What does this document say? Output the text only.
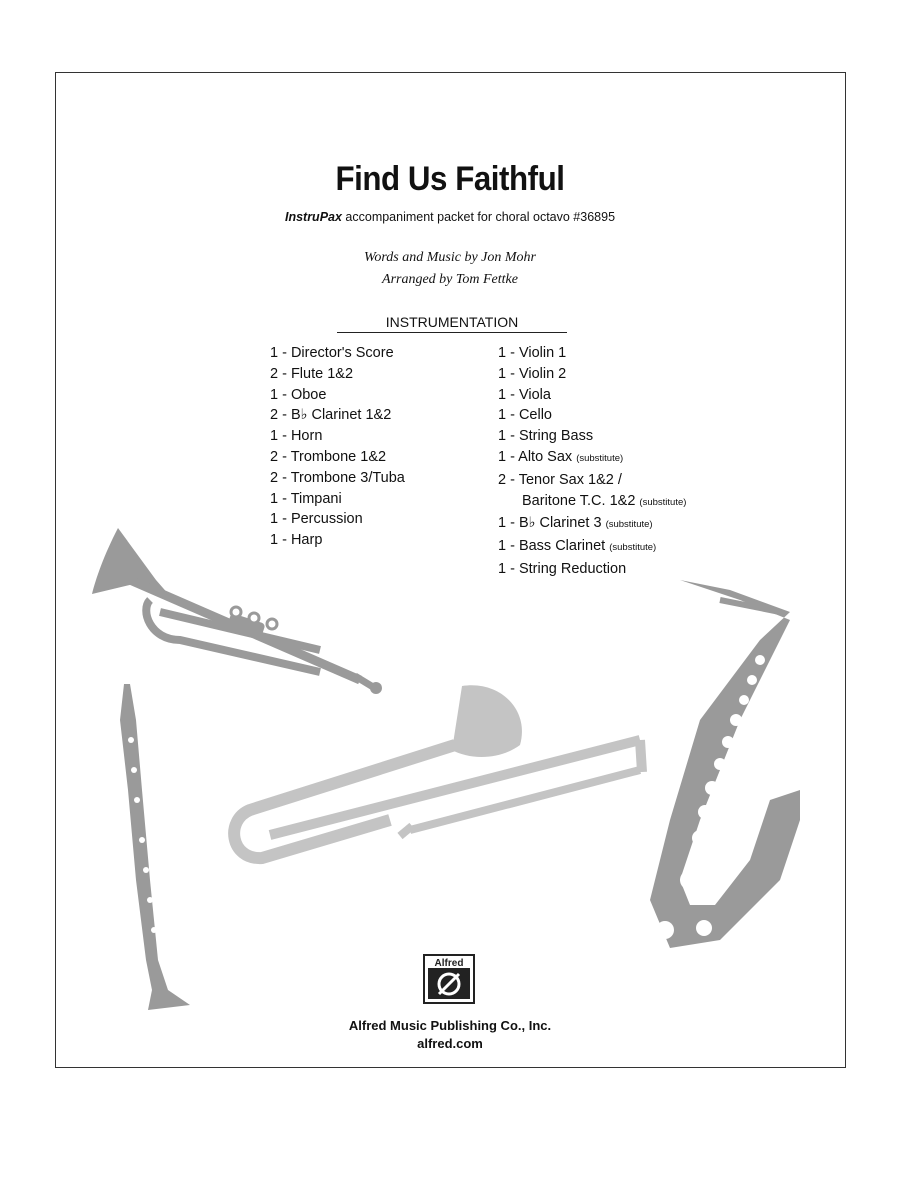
Find Us Faithful
InstruPax accompaniment packet for choral octavo #36895
Words and Music by Jon Mohr
Arranged by Tom Fettke
INSTRUMENTATION
1 - Director's Score
2 - Flute 1&2
1 - Oboe
2 - B♭ Clarinet 1&2
1 - Horn
2 - Trombone 1&2
2 - Trombone 3/Tuba
1 - Timpani
1 - Percussion
1 - Harp
1 - Violin 1
1 - Violin 2
1 - Viola
1 - Cello
1 - String Bass
1 - Alto Sax (substitute)
2 - Tenor Sax 1&2 /
Baritone T.C. 1&2 (substitute)
1 - B♭ Clarinet 3 (substitute)
1 - Bass Clarinet (substitute)
1 - String Reduction
Alfred
Alfred Music Publishing Co., Inc.
alfred.com
